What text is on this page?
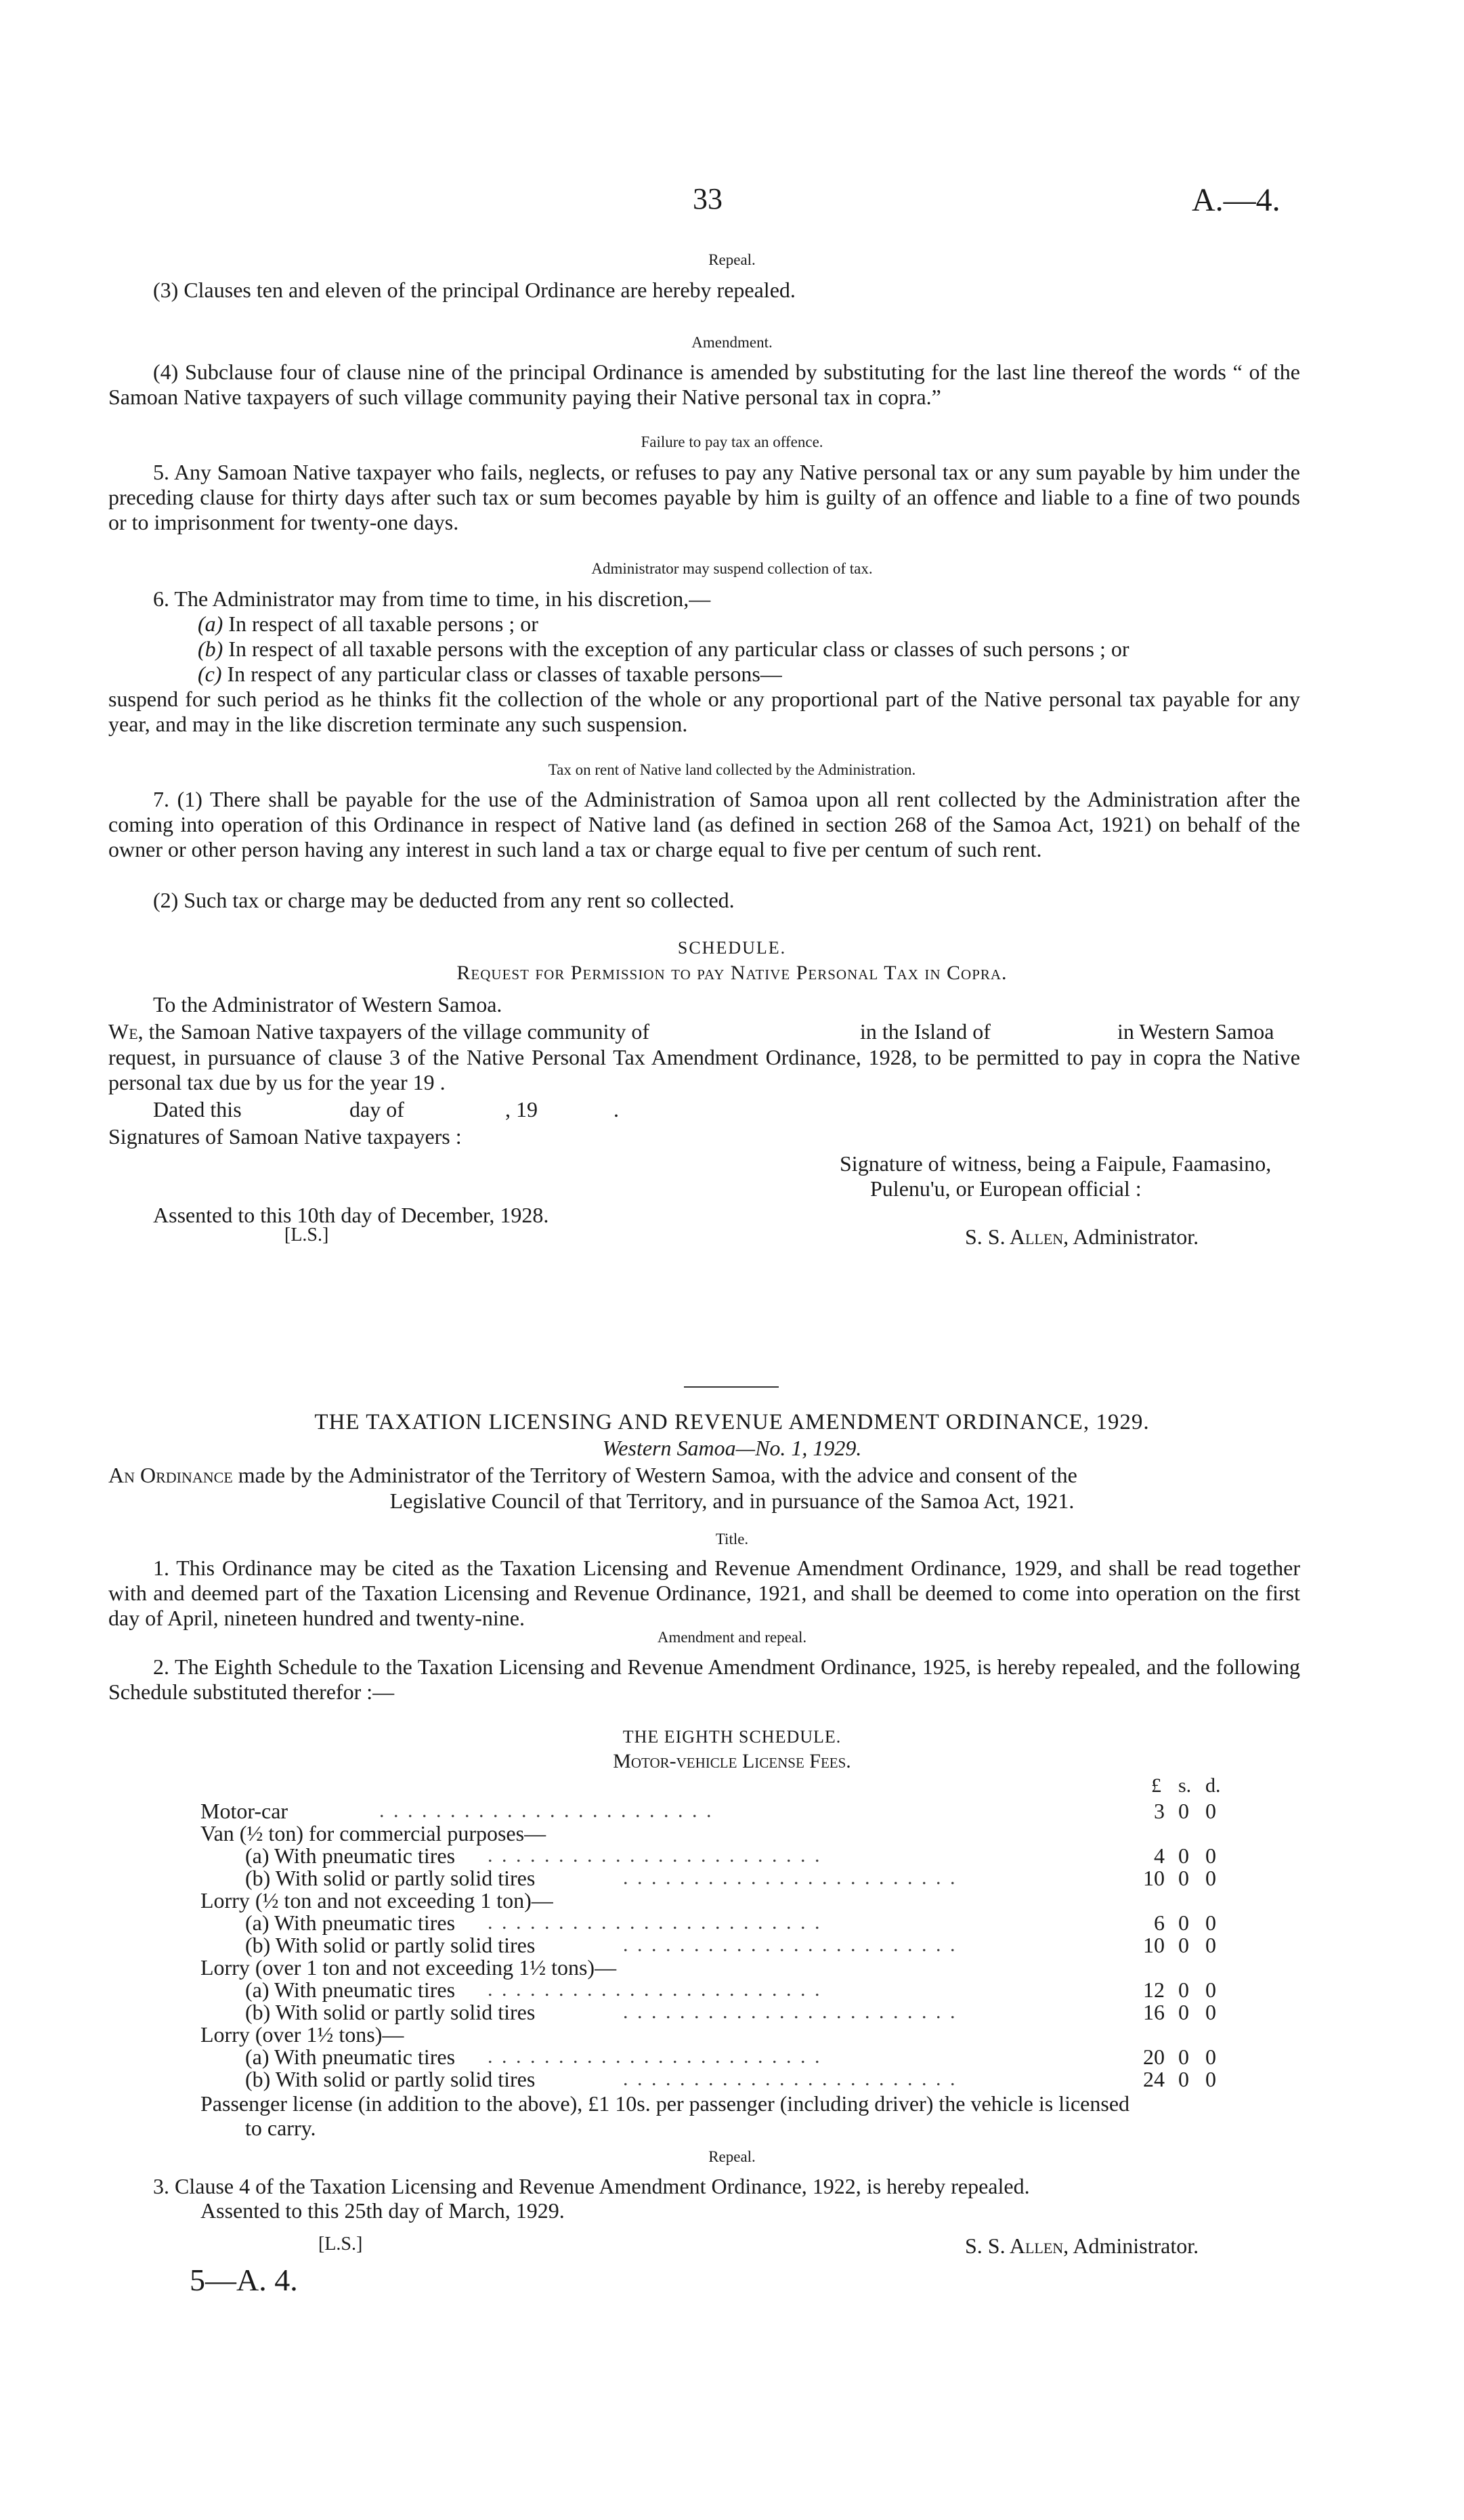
33	A.—4.
Repeal.
(3) Clauses ten and eleven of the principal Ordinance are hereby repealed.
Amendment.
(4) Subclause four of clause nine of the principal Ordinance is amended by substituting for the last line thereof the words “ of the Samoan Native taxpayers of such village community paying their Native personal tax in copra.”
Failure to pay tax an offence.
5. Any Samoan Native taxpayer who fails, neglects, or refuses to pay any Native personal tax or any sum payable by him under the preceding clause for thirty days after such tax or sum becomes payable by him is guilty of an offence and liable to a fine of two pounds or to imprisonment for twenty-one days.
Administrator may suspend collection of tax.
6. The Administrator may from time to time, in his discretion,—
(a) In respect of all taxable persons ; or
(b) In respect of all taxable persons with the exception of any particular class or classes of such persons ; or
(c) In respect of any particular class or classes of taxable persons—
suspend for such period as he thinks fit the collection of the whole or any proportional part of the Native personal tax payable for any year, and may in the like discretion terminate any such suspension.
Tax on rent of Native land collected by the Administration.
7. (1) There shall be payable for the use of the Administration of Samoa upon all rent collected by the Administration after the coming into operation of this Ordinance in respect of Native land (as defined in section 268 of the Samoa Act, 1921) on behalf of the owner or other person having any interest in such land a tax or charge equal to five per centum of such rent.
(2) Such tax or charge may be deducted from any rent so collected.
SCHEDULE.
Request for Permission to pay Native Personal Tax in Copra.
To the Administrator of Western Samoa.
We, the Samoan Native taxpayers of the village community of	in the Island of	in Western Samoa
request, in pursuance of clause 3 of the Native Personal Tax Amendment Ordinance, 1928, to be permitted to pay in copra the Native personal tax due by us for the year 19 .
Dated this	day of	, 19	.
Signatures of Samoan Native taxpayers :
Signature of witness, being a Faipule, Faamasino,
Pulenu'u, or European official :
Assented to this 10th day of December, 1928.
[L.S.]	S. S. Allen, Administrator.
THE TAXATION LICENSING AND REVENUE AMENDMENT ORDINANCE, 1929.
Western Samoa—No. 1, 1929.
An Ordinance made by the Administrator of the Territory of Western Samoa, with the advice and consent of the
Legislative Council of that Territory, and in pursuance of the Samoa Act, 1921.
Title.
1. This Ordinance may be cited as the Taxation Licensing and Revenue Amendment Ordinance, 1929, and shall be read together with and deemed part of the Taxation Licensing and Revenue Ordinance, 1921, and shall be deemed to come into operation on the first day of April, nineteen hundred and twenty-nine.
Amendment and repeal.
2. The Eighth Schedule to the Taxation Licensing and Revenue Amendment Ordinance, 1925, is hereby repealed, and the following Schedule substituted therefor :—
THE EIGHTH SCHEDULE.
Motor-vehicle License Fees.
£ s. d.
Motor-car	. . . . . . . . . . . . . . . . . . . . . . . .	3 0 0
Van (½ ton) for commercial purposes—
(a) With pneumatic tires . . . . . . . . . . . . . . . . . . . . . . . .	4 0 0
(b) With solid or partly solid tires	. . . . . . . . . . . . . . . . . . . . . . . .	10 0 0
Lorry (½ ton and not exceeding 1 ton)—
(a) With pneumatic tires . . . . . . . . . . . . . . . . . . . . . . . .	6 0 0
(b) With solid or partly solid tires	. . . . . . . . . . . . . . . . . . . . . . . .	10 0 0
Lorry (over 1 ton and not exceeding 1½ tons)—
(a) With pneumatic tires . . . . . . . . . . . . . . . . . . . . . . . .	12 0 0
(b) With solid or partly solid tires	. . . . . . . . . . . . . . . . . . . . . . . .	16 0 0
Lorry (over 1½ tons)—
(a) With pneumatic tires . . . . . . . . . . . . . . . . . . . . . . . .	20 0 0
(b) With solid or partly solid tires	. . . . . . . . . . . . . . . . . . . . . . . .	24 0 0
Passenger license (in addition to the above), £1 10s. per passenger (including driver) the vehicle is licensed
to carry.
Repeal.
3. Clause 4 of the Taxation Licensing and Revenue Amendment Ordinance, 1922, is hereby repealed.
Assented to this 25th day of March, 1929.
[L.S.]	S. S. Allen, Administrator.
5—A. 4.
